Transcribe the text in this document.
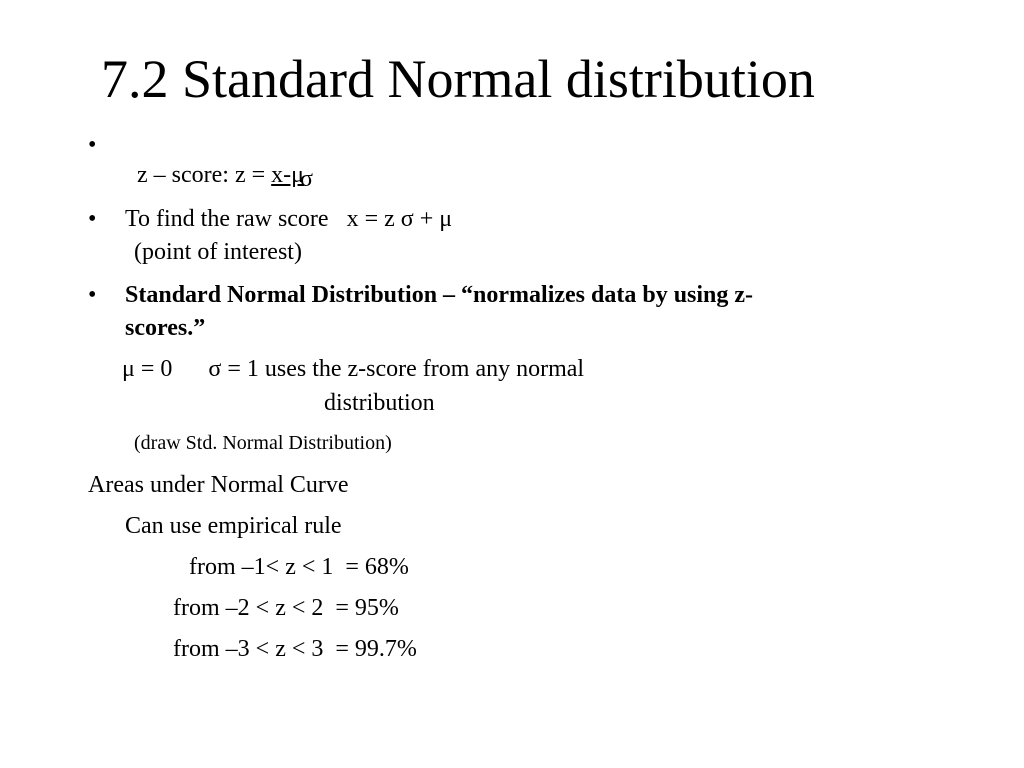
7.2 Standard Normal distribution
•

z – score: z = x-μ

σ
• To find the raw score   x = z σ + μ
(point of interest)
• Standard Normal Distribution – “normalizes data by using z-
scores.”
μ = 0      σ = 1 uses the z-score from any normal
distribution
(draw Std. Normal Distribution)
Areas under Normal Curve
Can use empirical rule
from –1< z < 1  = 68%
from –2 < z < 2  = 95%
from –3 < z < 3  = 99.7%
